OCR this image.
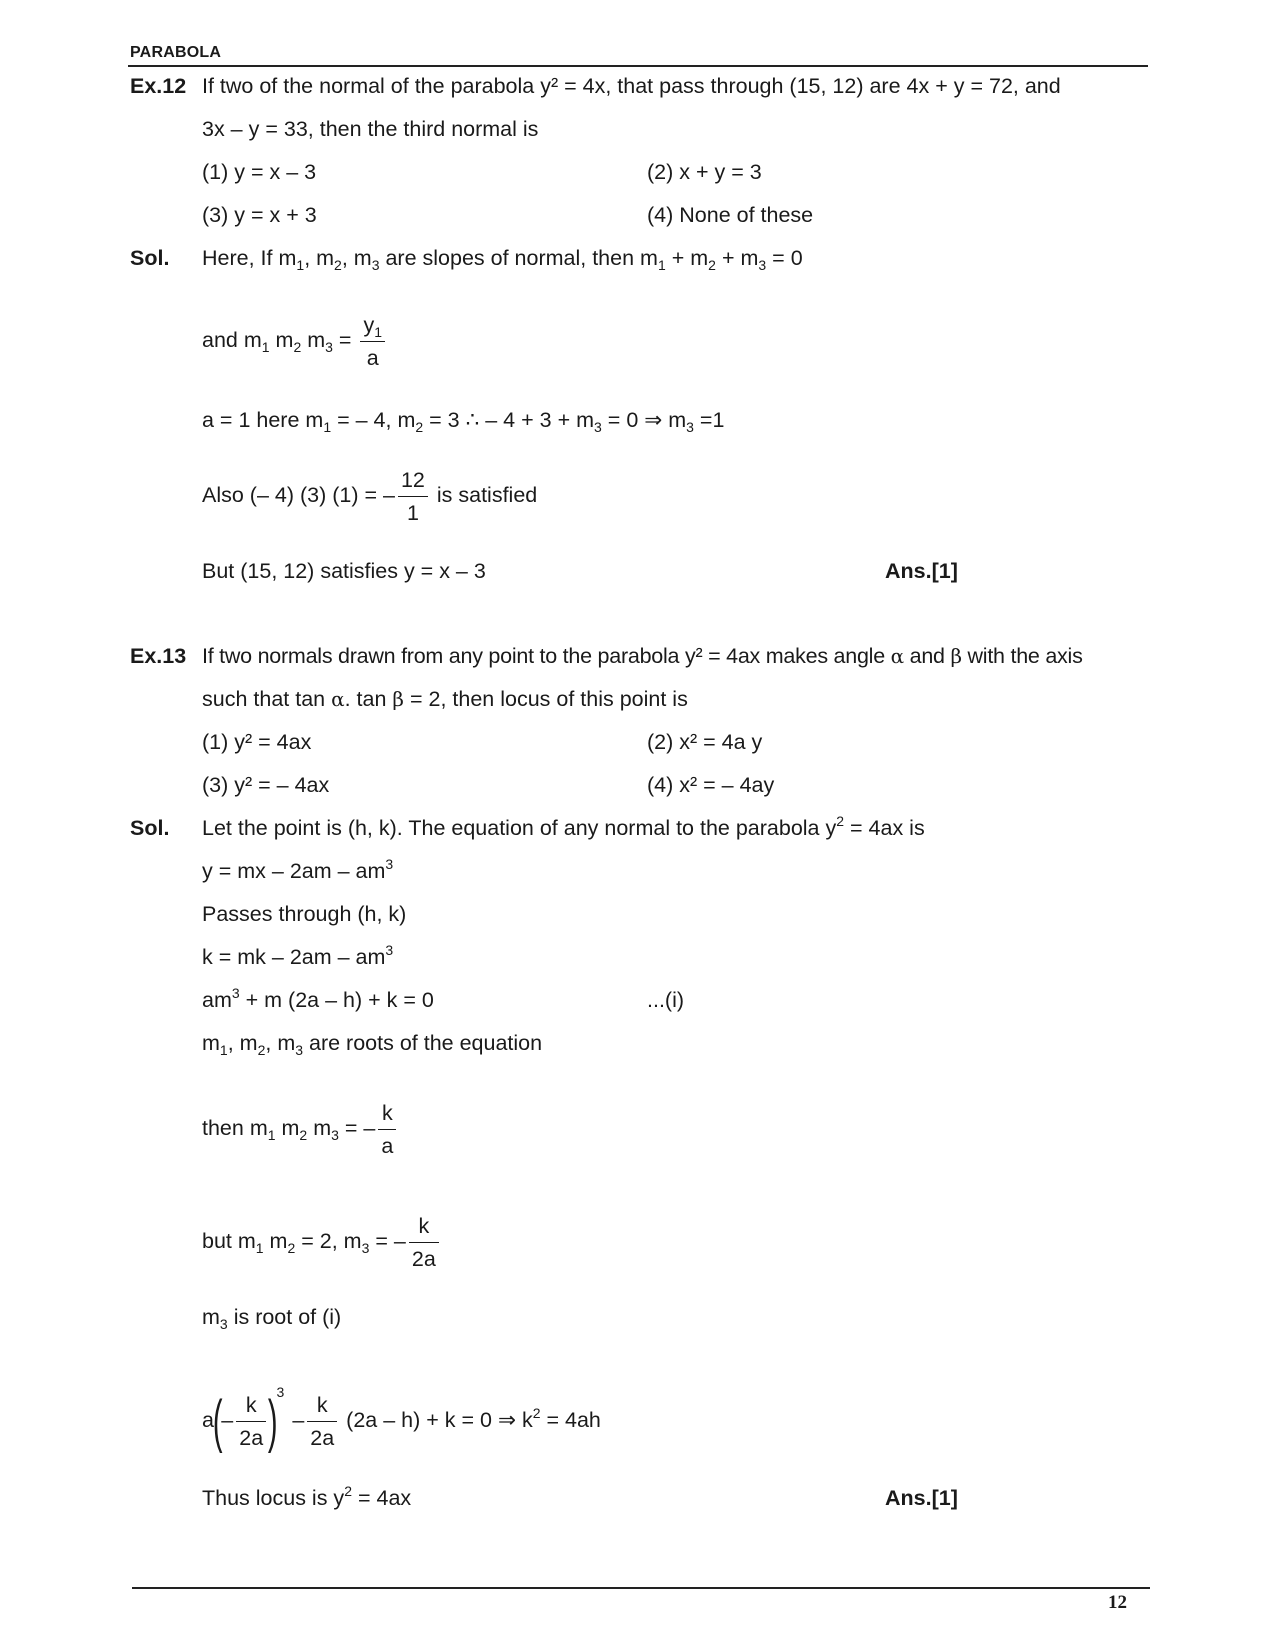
PARABOLA
Ex.12 If two of the normal of the parabola y² = 4x, that pass through (15, 12) are 4x + y = 72, and
3x – y = 33, then the third normal is
(1) y = x – 3	(2) x + y = 3
(3) y = x + 3	(4) None of these
Sol. Here, If $m_1$, $m_2$, $m_3$ are slopes of normal, then $m_1 + m_2 + m_3 = 0$
and $m_1$ $m_2$ $m_3 = \frac{y_1}{a}$
a = 1 here $m_1$ = – 4, $m_2 = 3$ ∴ – $4 + 3 + m_3 = 0$ ⇒ $m_3 =1$
Also (– 4) (3) (1) = – $\frac{12}{1}$ is satisfied
But (15, 12) satisfies y = x – 3	Ans.[1]
Ex.13 If two normals drawn from any point to the parabola y² = 4ax makes angle α and β with the axis
such that tan α. tan β = 2, then locus of this point is
(1) y² = 4ax	(2) x² = 4a y
(3) y² = – 4ax	(4) x² = – 4ay
Sol. Let the point is (h, k). The equation of any normal to the parabola $y^2 = 4ax$ is
y = mx – $2am - am^3$
Passes through (h, k)
k = mk – $2am - am^3$
$am^3 + m$ (2a – h) + k = 0	...(i)
$m_1$, $m_2$, $m_3$ are roots of the equation
then $m_1$ $m_2$ $m_3$ = – $\frac{k}{a}$
but $m_1$ $m_2 = 2$, $m_3$ = – $\frac{k}{2a}$
$m_3$ is root of (i)
$a(- \frac{k}{2a} )^3- \frac{k}{2a} (2a - h) + k = 0$ ⇒ $k^2 = 4ah$
Thus locus is $y^2 = 4ax$	Ans.[1]
12
